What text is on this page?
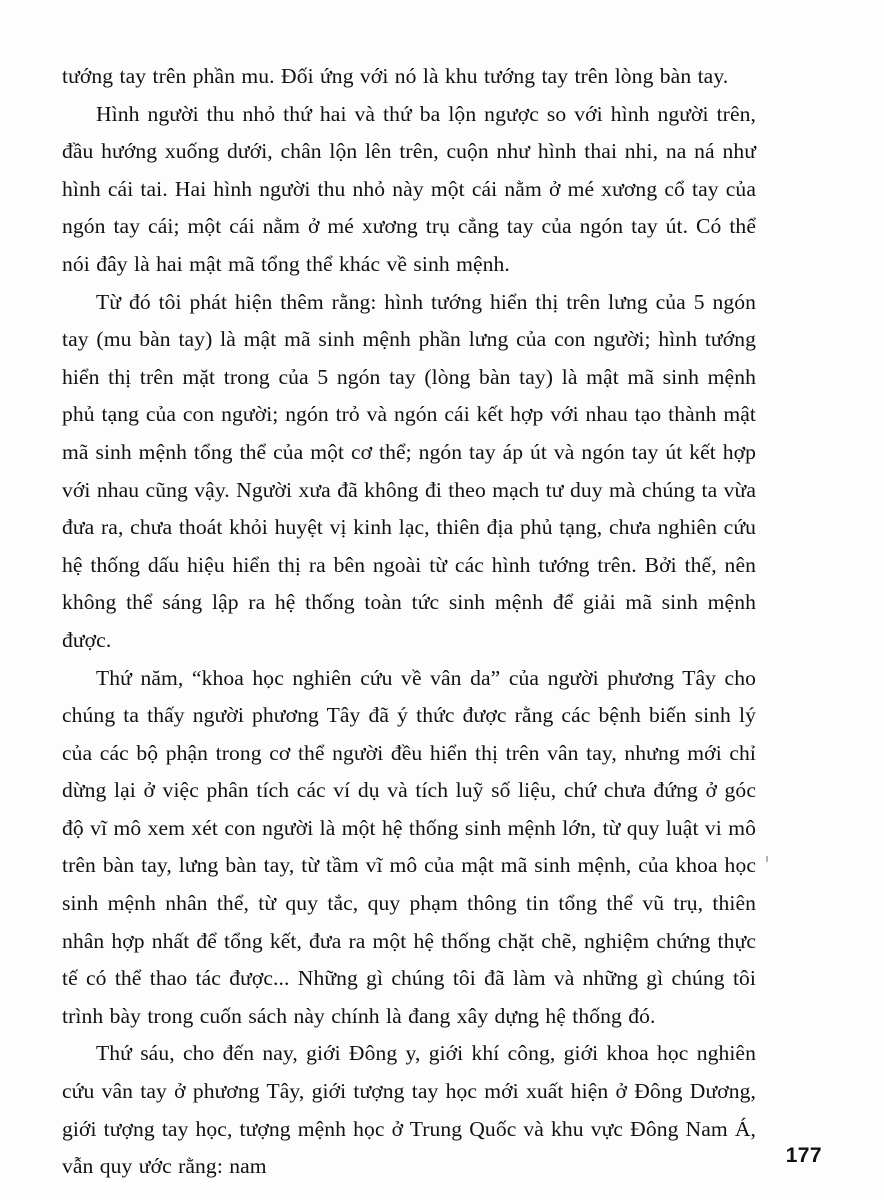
tướng tay trên phần mu. Đối ứng với nó là khu tướng tay trên lòng bàn tay.

Hình người thu nhỏ thứ hai và thứ ba lộn ngược so với hình người trên, đầu hướng xuống dưới, chân lộn lên trên, cuộn như hình thai nhi, na ná như hình cái tai. Hai hình người thu nhỏ này một cái nằm ở mé xương cổ tay của ngón tay cái; một cái nằm ở mé xương trụ cẳng tay của ngón tay út. Có thể nói đây là hai mật mã tổng thể khác về sinh mệnh.

Từ đó tôi phát hiện thêm rằng: hình tướng hiển thị trên lưng của 5 ngón tay (mu bàn tay) là mật mã sinh mệnh phần lưng của con người; hình tướng hiển thị trên mặt trong của 5 ngón tay (lòng bàn tay) là mật mã sinh mệnh phủ tạng của con người; ngón trỏ và ngón cái kết hợp với nhau tạo thành mật mã sinh mệnh tổng thể của một cơ thể; ngón tay áp út và ngón tay út kết hợp với nhau cũng vậy. Người xưa đã không đi theo mạch tư duy mà chúng ta vừa đưa ra, chưa thoát khỏi huyệt vị kinh lạc, thiên địa phủ tạng, chưa nghiên cứu hệ thống dấu hiệu hiển thị ra bên ngoài từ các hình tướng trên. Bởi thế, nên không thể sáng lập ra hệ thống toàn tức sinh mệnh để giải mã sinh mệnh được.

Thứ năm, “khoa học nghiên cứu về vân da” của người phương Tây cho chúng ta thấy người phương Tây đã ý thức được rằng các bệnh biến sinh lý của các bộ phận trong cơ thể người đều hiển thị trên vân tay, nhưng mới chỉ dừng lại ở việc phân tích các ví dụ và tích luỹ số liệu, chứ chưa đứng ở góc độ vĩ mô xem xét con người là một hệ thống sinh mệnh lớn, từ quy luật vi mô trên bàn tay, lưng bàn tay, từ tầm vĩ mô của mật mã sinh mệnh, của khoa học sinh mệnh nhân thể, từ quy tắc, quy phạm thông tin tổng thể vũ trụ, thiên nhân hợp nhất để tổng kết, đưa ra một hệ thống chặt chẽ, nghiệm chứng thực tế có thể thao tác được... Những gì chúng tôi đã làm và những gì chúng tôi trình bày trong cuốn sách này chính là đang xây dựng hệ thống đó.

Thứ sáu, cho đến nay, giới Đông y, giới khí công, giới khoa học nghiên cứu vân tay ở phương Tây, giới tượng tay học mới xuất hiện ở Đông Dương, giới tượng tay học, tượng mệnh học ở Trung Quốc và khu vực Đông Nam Á, vẫn quy ước rằng: nam	177
